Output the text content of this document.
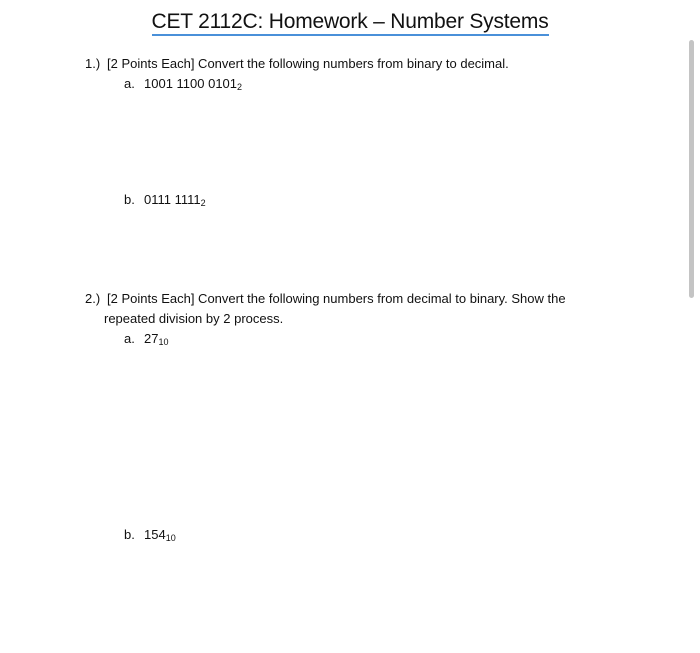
CET 2112C: Homework – Number Systems
1.) [2 Points Each] Convert the following numbers from binary to decimal.
a. 1001 1100 $0101_2$
b. 0111 $1111_2$
2.) [2 Points Each] Convert the following numbers from decimal to binary. Show the
repeated division by 2 process.
a. $27_{10}$
b. $154_{10}$
